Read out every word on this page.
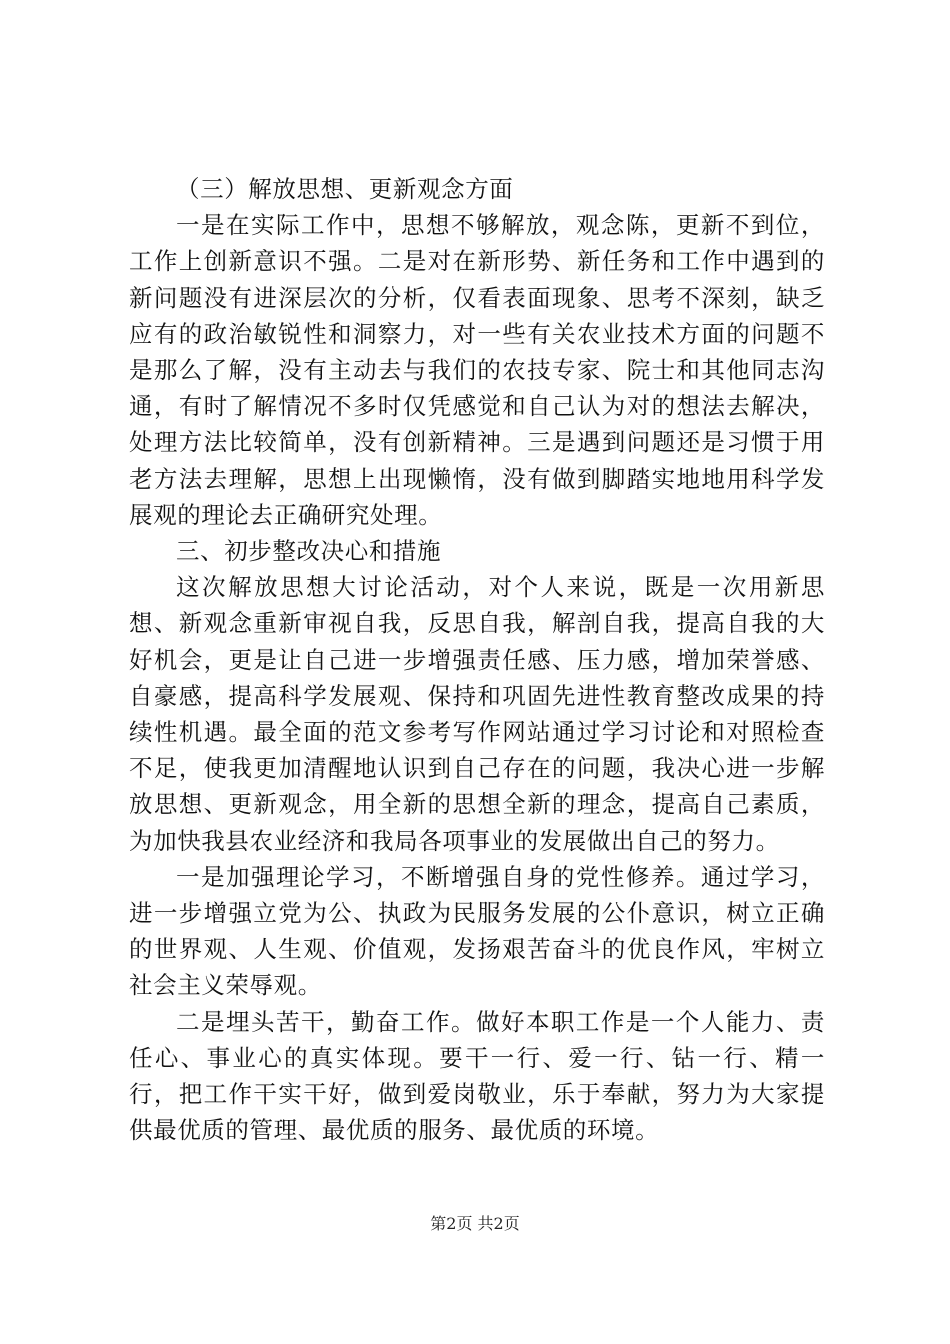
（三）解放思想、更新观念方面

一是在实际工作中，思想不够解放，观念陈，更新不到位，工作上创新意识不强。二是对在新形势、新任务和工作中遇到的新问题没有进深层次的分析，仅看表面现象、思考不深刻，缺乏应有的政治敏锐性和洞察力，对一些有关农业技术方面的问题不是那么了解，没有主动去与我们的农技专家、院士和其他同志沟通，有时了解情况不多时仅凭感觉和自己认为对的想法去解决，处理方法比较简单，没有创新精神。三是遇到问题还是习惯于用老方法去理解，思想上出现懒惰，没有做到脚踏实地地用科学发展观的理论去正确研究处理。

三、初步整改决心和措施

这次解放思想大讨论活动，对个人来说，既是一次用新思想、新观念重新审视自我，反思自我，解剖自我，提高自我的大好机会，更是让自己进一步增强责任感、压力感，增加荣誉感、自豪感，提高科学发展观、保持和巩固先进性教育整改成果的持续性机遇。最全面的范文参考写作网站通过学习讨论和对照检查不足，使我更加清醒地认识到自己存在的问题，我决心进一步解放思想、更新观念，用全新的思想全新的理念，提高自己素质，为加快我县农业经济和我局各项事业的发展做出自己的努力。

一是加强理论学习，不断增强自身的党性修养。通过学习，进一步增强立党为公、执政为民服务发展的公仆意识，树立正确的世界观、人生观、价值观，发扬艰苦奋斗的优良作风，牢树立社会主义荣辱观。

二是埋头苦干，勤奋工作。做好本职工作是一个人能力、责任心、事业心的真实体现。要干一行、爱一行、钻一行、精一行，把工作干实干好，做到爱岗敬业，乐于奉献，努力为大家提供最优质的管理、最优质的服务、最优质的环境。

第2页 共2页
